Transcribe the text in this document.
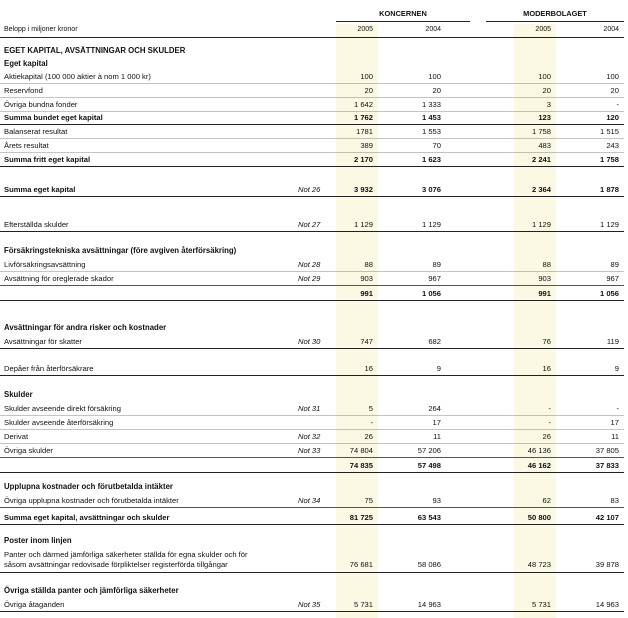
KONCERNEN	MODERBOLAGET
Belopp i miljoner kronor	2005	2004	2005	2004
EGET KAPITAL, AVSÄTTNINGAR OCH SKULDER
Eget kapital
Aktiekapital (100 000 aktier à nom 1 000 kr)	100	100	100	100
Reservfond	20	20	20	20
Övriga bundna fonder	1 642	1 333	3	-
Summa bundet eget kapital	1 762	1 453	123	120
Balanserat resultat	1781	1 553	1 758	1 515
Årets resultat	389	70	483	243
Summa fritt eget kapital	2 170	1 623	2 241	1 758
Summa eget kapital	Not 26	3 932	3 076	2 364	1 878
Efterställda skulder	Not 27	1 129	1 129	1 129	1 129
Försäkringstekniska avsättningar (före avgiven återförsäkring)
Livförsäkringsavsättning	Not 28	88	89	88	89
Avsättning för oreglerade skador	Not 29	903	967	903	967
991	1 056	991	1 056
Avsättningar för andra risker och kostnader
Avsättningar för skatter	Not 30	747	682	76	119
Depåer från återförsäkrare	16	9	16	9
Skulder
Skulder avseende direkt försäkring	Not 31	5	264	-	-
Skulder avseende återförsäkring	-	17	-	17
Derivat	Not 32	26	11	26	11
Övriga skulder	Not 33	74 804	57 206	46 136	37 805
74 835	57 498	46 162	37 833
Upplupna kostnader och förutbetalda intäkter
Övriga upplupna kostnader och förutbetalda intäkter	Not 34	75	93	62	83
Summa eget kapital, avsättningar och skulder	81 725	63 543	50 800	42 107
Poster inom linjen
Panter och därmed jämförliga säkerheter ställda för egna skulder och för
såsom avsättningar redovisade förpliktelser registerförda tillgångar	76 681	58 086	48 723	39 878
Övriga ställda panter och jämförliga säkerheter
Övriga åtaganden	Not 35	5 731	14 963	5 731	14 963
